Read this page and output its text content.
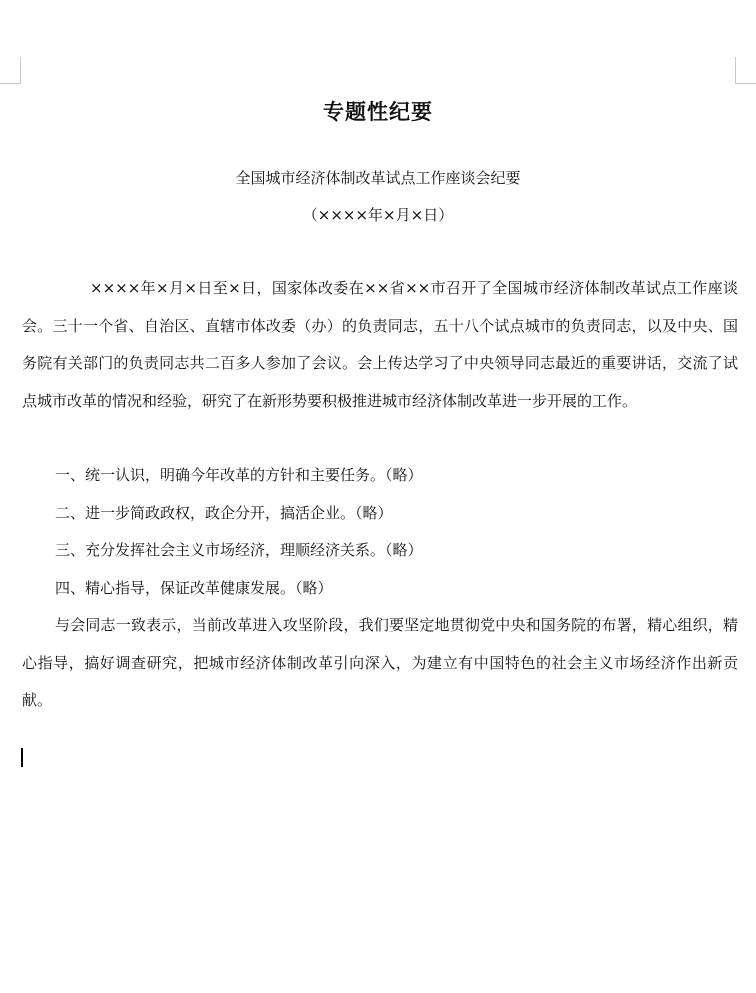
专题性纪要
全国城市经济体制改革试点工作座谈会纪要
（××××年×月×日）

××××年×月×日至×日，国家体改委在××省××市召开了全国城市经济体制改革试点工作座谈会。三十一个省、自治区、直辖市体改委（办）的负责同志，五十八个试点城市的负责同志，以及中央、国务院有关部门的负责同志共二百多人参加了会议。会上传达学习了中央领导同志最近的重要讲话，交流了试点城市改革的情况和经验，研究了在新形势要积极推进城市经济体制改革进一步开展的工作。

一、统一认识，明确今年改革的方针和主要任务。（略）

二、进一步简政政权，政企分开，搞活企业。（略）

三、充分发挥社会主义市场经济，理顺经济关系。（略）

四、精心指导，保证改革健康发展。（略）

与会同志一致表示，当前改革进入攻坚阶段，我们要坚定地贯彻党中央和国务院的布署，精心组织，精心指导，搞好调查研究，把城市经济体制改革引向深入，为建立有中国特色的社会主义市场经济作出新贡献。
